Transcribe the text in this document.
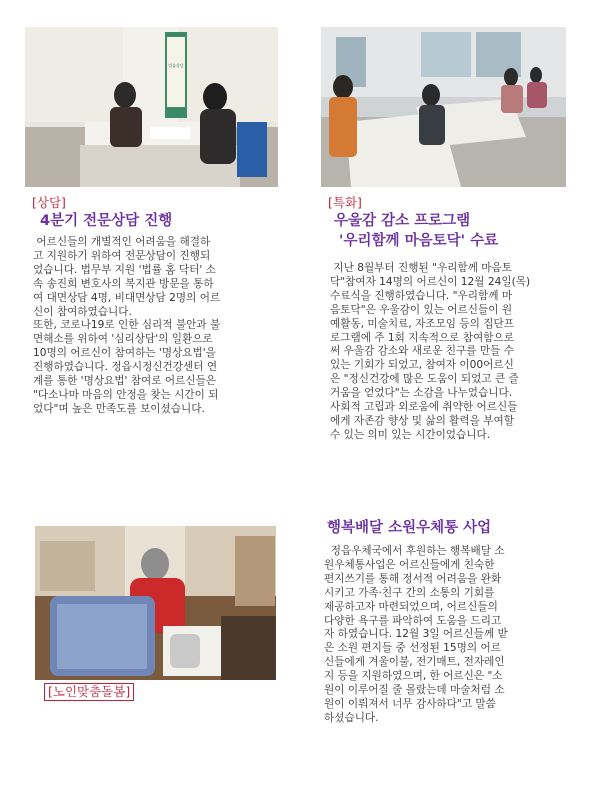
법률상담
[상담]
4분기 전문상담 진행
어르신들의 개별적인 어려움을 해결하
고 지원하기 위하여 전문상담이 진행되
었습니다. 법무부 지원 '법률 홈 닥터' 소
속 송진희 변호사의 복지관 방문을 통하
여 대면상담 4명, 비대면상담 2명의 어르
신이 참여하였습니다.
또한, 코로나19로 인한 심리적 불안과 불
면해소를 위하여 '심리상담'의 일환으로
10명의 어르신이 참여하는 '명상요법'을
진행하였습니다. 정읍시정신건강센터 연
계를 통한 '명상요법' 참여로 어르신들은
"다소나마 마음의 안정을 찾는 시간이 되
었다"며 높은 만족도를 보이셨습니다.
[특화]
우울감 감소 프로그램
'우리함께 마음토닥' 수료
지난 8월부터 진행된 "우리함께 마음토
닥"참여자 14명의 어르신이 12월 24일(목)
수료식을 진행하였습니다. "우리함께 마
음토닥"은 우울감이 있는 어르신들이 원
예활동, 미술치료, 자조모임 등의 집단프
로그램에 주 1회 지속적으로 참여함으로
써 우울감 감소와 새로운 친구를 만들 수
있는 기회가 되었고, 참여자 이00어르신
은 "정신건강에 많은 도움이 되었고 큰 즐
거움을 얻었다"는 소감을 나누었습니다.
사회적 고립과 외로움에 취약한 어르신들
에게 자존감 향상 및 삶의 활력을 부여할
수 있는 의미 있는 시간이었습니다.
[노인맞춤돌봄]
행복배달 소원우체통 사업
정읍우체국에서 후원하는 행복배달 소
원우체통사업은 어르신들에게 친숙한
편지쓰기를 통해 정서적 어려움을 완화
시키고 가족·친구 간의 소통의 기회를
제공하고자 마련되었으며, 어르신들의
다양한 욕구를 파악하여 도움을 드리고
자 하였습니다. 12월 3일 어르신들께 받
은 소원 편지들 중 선정된 15명의 어르
신들에게 겨울이불, 전기매트, 전자레인
지 등을 지원하였으며, 한 어르신은 "소
원이 이루어질 줄 몰랐는데 마술처럼 소
원이 이뤄져서 너무 감사하다"고 말씀
하셨습니다.
